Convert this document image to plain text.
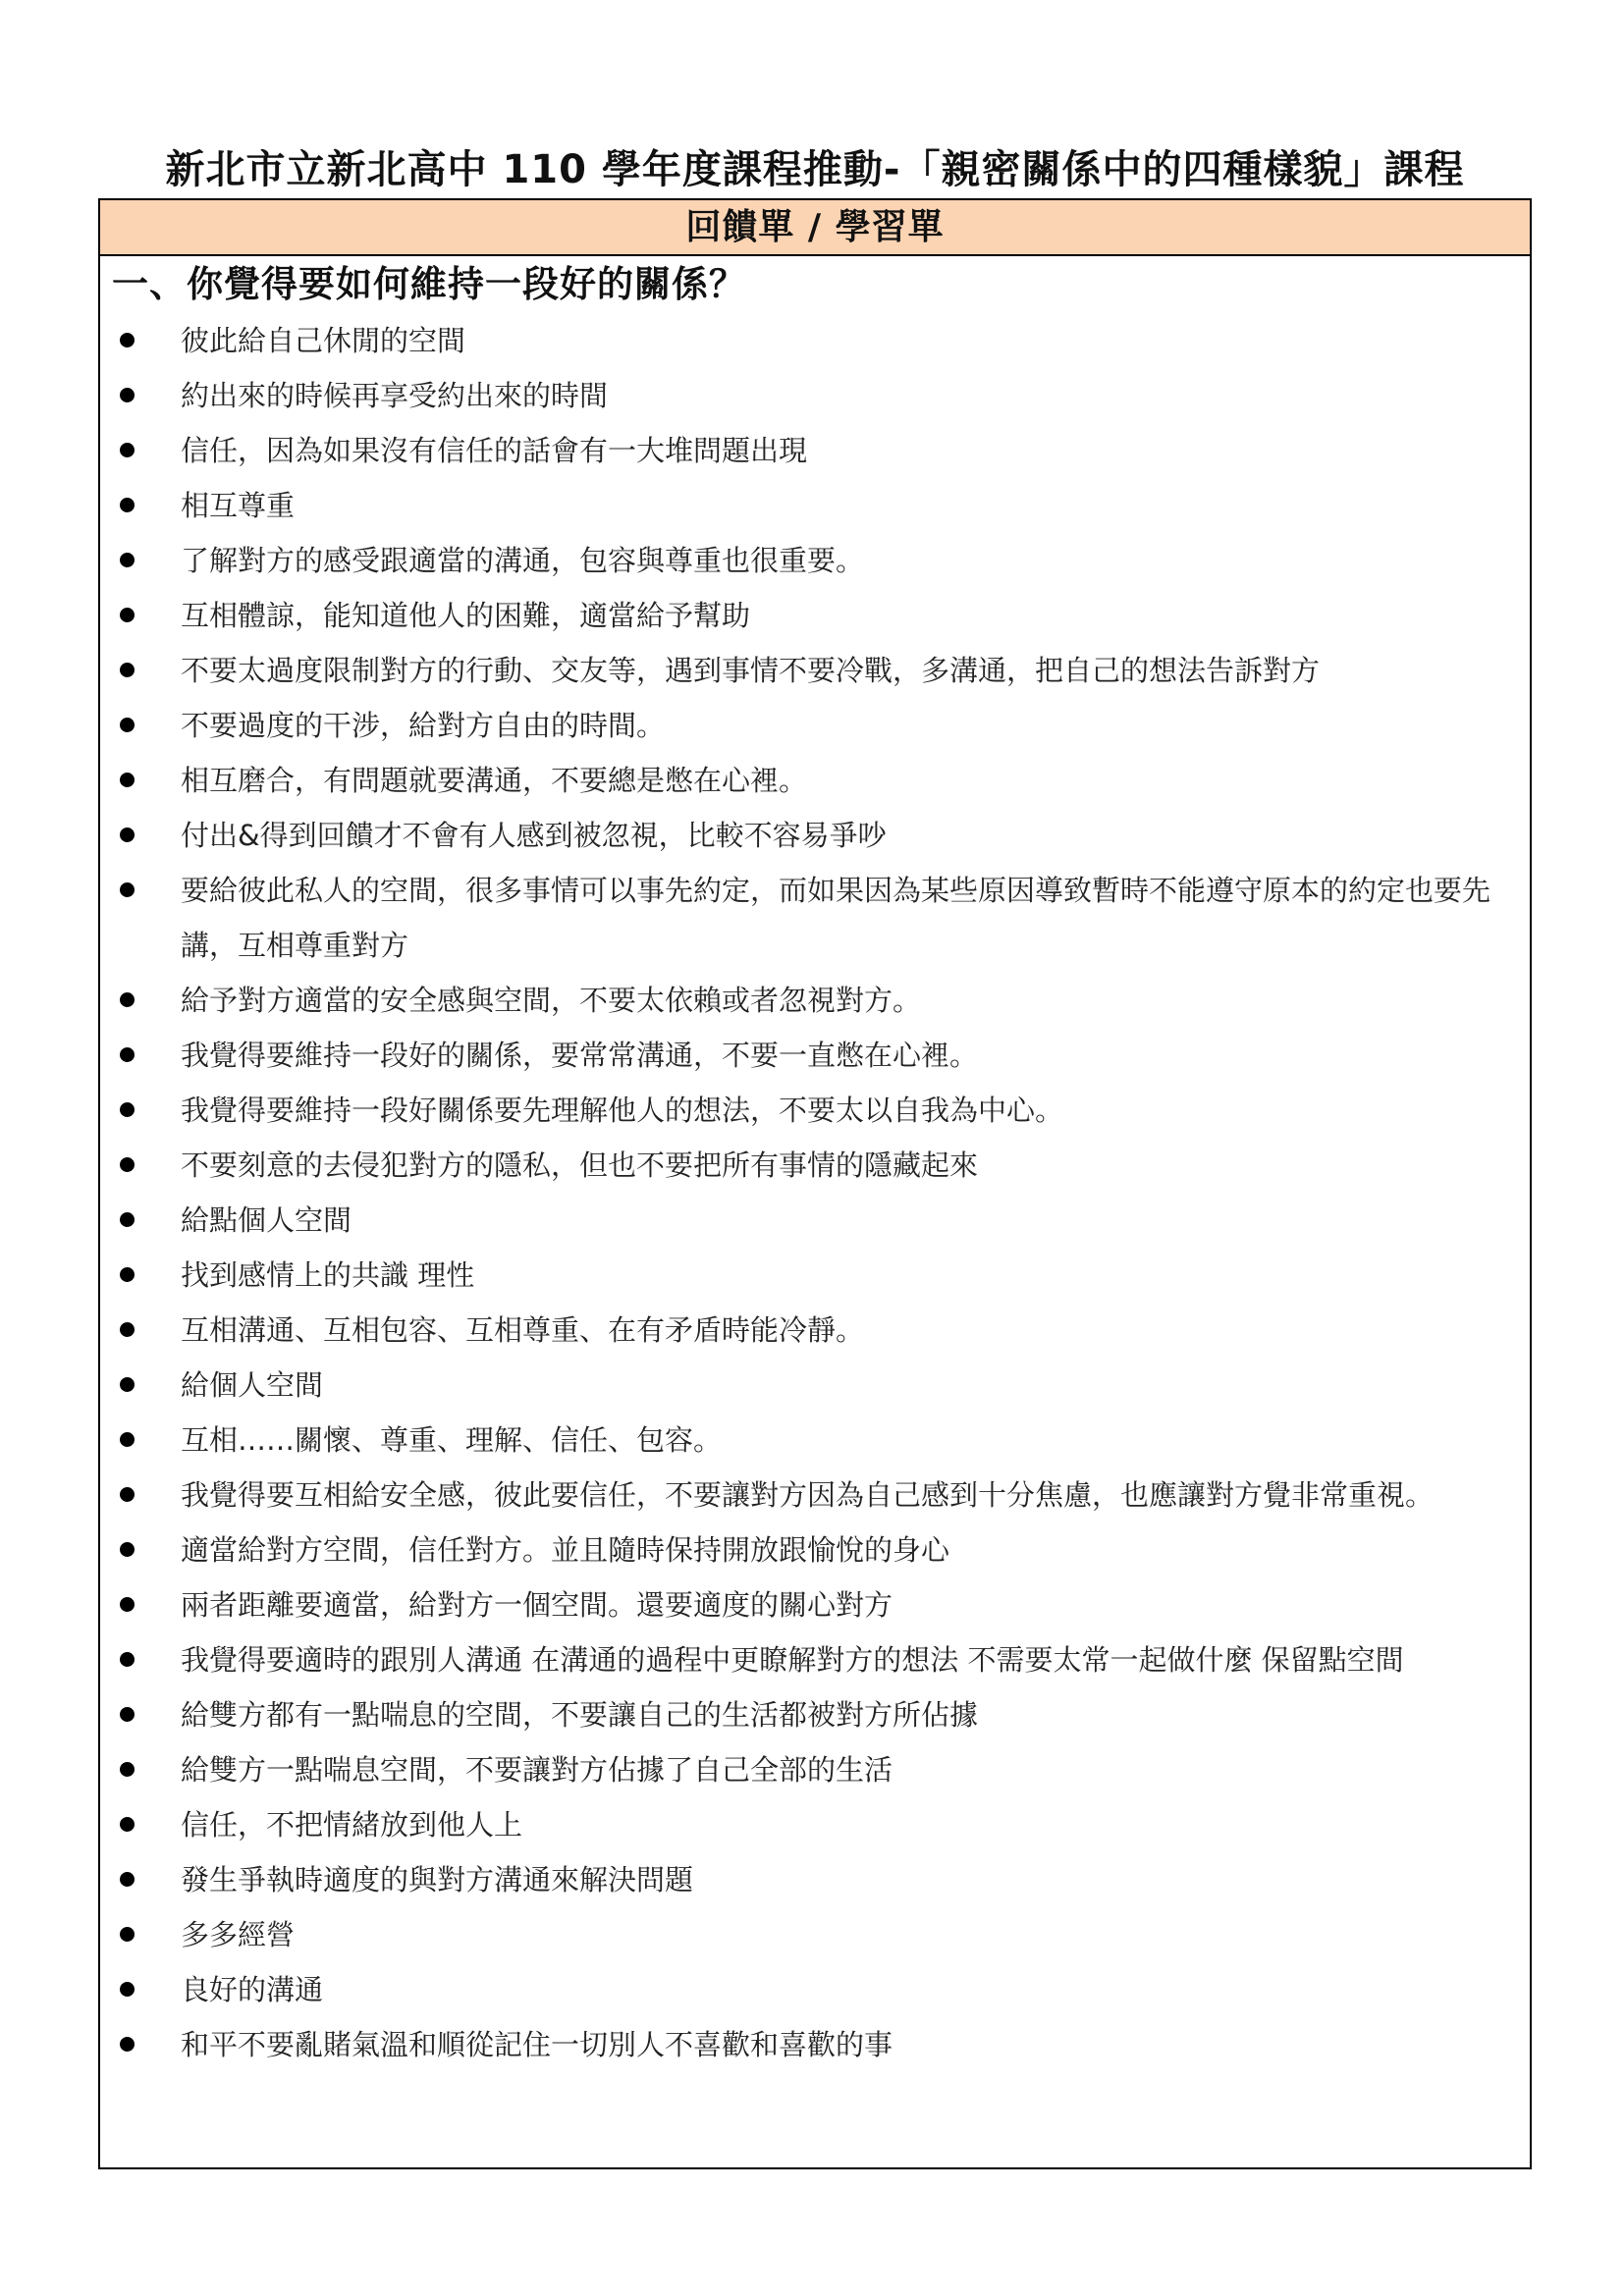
新北市立新北高中 110 學年度課程推動-「親密關係中的四種樣貌」課程
回饋單 / 學習單
一、你覺得要如何維持一段好的關係？
彼此給自己休閒的空間
約出來的時候再享受約出來的時間
信任，因為如果沒有信任的話會有一大堆問題出現
相互尊重
了解對方的感受跟適當的溝通，包容與尊重也很重要。
互相體諒，能知道他人的困難，適當給予幫助
不要太過度限制對方的行動、交友等，遇到事情不要冷戰，多溝通，把自己的想法告訴對方
不要過度的干涉，給對方自由的時間。
相互磨合，有問題就要溝通，不要總是憋在心裡。
付出&得到回饋才不會有人感到被忽視，比較不容易爭吵
要給彼此私人的空間，很多事情可以事先約定，而如果因為某些原因導致暫時不能遵守原本的約定也要先講，互相尊重對方
給予對方適當的安全感與空間，不要太依賴或者忽視對方。
我覺得要維持一段好的關係，要常常溝通，不要一直憋在心裡。
我覺得要維持一段好關係要先理解他人的想法，不要太以自我為中心。
不要刻意的去侵犯對方的隱私，但也不要把所有事情的隱藏起來
給點個人空間
找到感情上的共識 理性
互相溝通、互相包容、互相尊重、在有矛盾時能冷靜。
給個人空間
互相……關懷、尊重、理解、信任、包容。
我覺得要互相給安全感，彼此要信任，不要讓對方因為自己感到十分焦慮，也應讓對方覺非常重視。
適當給對方空間，信任對方。並且隨時保持開放跟愉悅的身心
兩者距離要適當，給對方一個空間。還要適度的關心對方
我覺得要適時的跟別人溝通 在溝通的過程中更瞭解對方的想法 不需要太常一起做什麼 保留點空間
給雙方都有一點喘息的空間，不要讓自己的生活都被對方所佔據
給雙方一點喘息空間，不要讓對方佔據了自己全部的生活
信任，不把情緒放到他人上
發生爭執時適度的與對方溝通來解決問題
多多經營
良好的溝通
和平不要亂賭氣溫和順從記住一切別人不喜歡和喜歡的事
